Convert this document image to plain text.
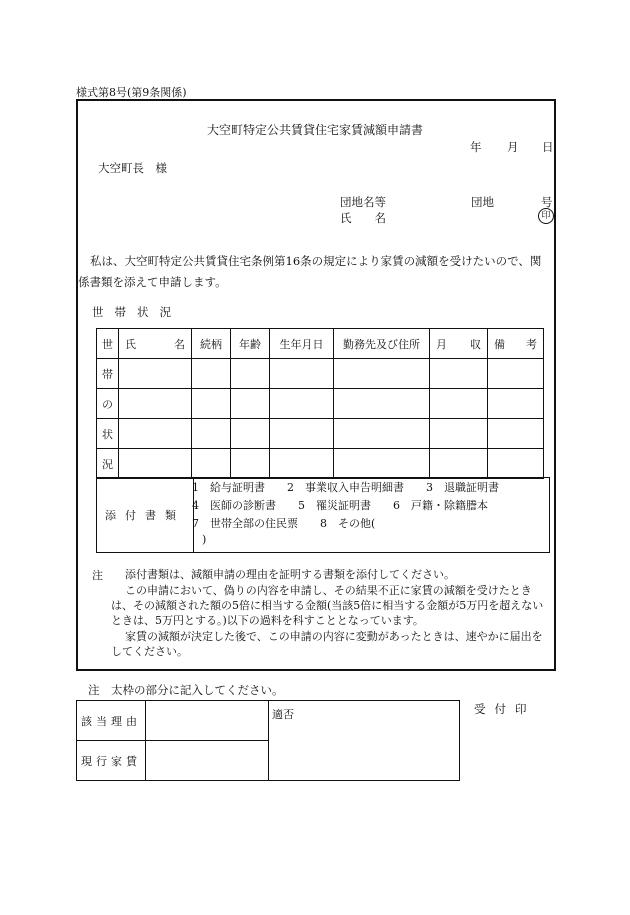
様式第8号(第9条関係)
大空町特定公共賃貸住宅家賃減額申請書
年 月 日
大空町長　様
団地名等	団地	号
氏　　名	印
私は、大空町特定公共賃貸住宅条例第16条の規定により家賃の減額を受けたいので、関係書類を添えて申請します。
世帯状況
世	氏名	続柄	年齢	生年月日	勤務先及び住所	月収	備考
帯							
の							
状							
況							
添付書類	
1　給与証明書　　2　事業収入申告明細書　　3　退職証明書
4　医師の診断書　　5　罹災証明書　　6　戸籍・除籍謄本
7　世帯全部の住民票　　8　その他(
)
注 添付書類は、減額申請の理由を証明する書類を添付してください。
この申請において、偽りの内容を申請し、その結果不正に家賃の減額を受けたときは、その減額された額の5倍に相当する金額(当該5倍に相当する金額が5万円を超えないときは、5万円とする。)以下の過料を科すこととなっています。
家賃の減額が決定した後で、この申請の内容に変動があったときは、速やかに届出をしてください。
注　太枠の部分に記入してください。
該当理由		適否
現行家賃		
受付印
